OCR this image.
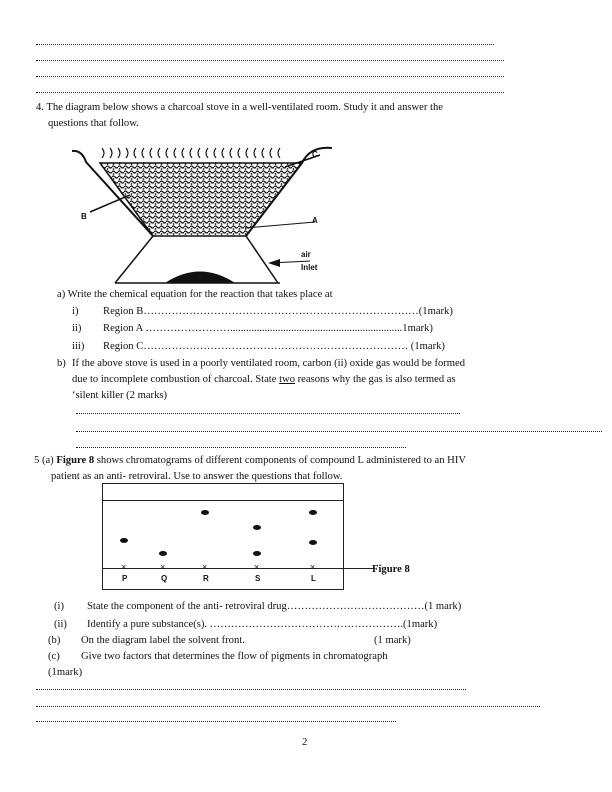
4. The diagram below shows a charcoal stove in a well-ventilated room. Study it and answer the
questions that follow.
C
B	A
air
Inlet
a) Write the chemical equation for the reaction that takes place at
i) Region B……………………………………………………………………(1mark)
ii) Region A …………………….................................................................1mark)
iii) Region C………………………………………………………………… (1mark)
b) If the above stove is used in a poorly ventilated room, carbon (ii) oxide gas would be formed
due to incomplete combustion of charcoal. State two reasons why the gas is also termed as
‘silent killer (2 marks)
5 (a) Figure 8 shows chromatograms of different components of compound L administered to an HIV
patient as an anti- retroviral. Use to answer the questions that follow.
×
P
×
Q
×
R
×
S
×
L
Figure 8
(i) State the component of the anti- retroviral drug…………………………………(1 mark)
(ii) Identify a pure substance(s). ……………………………………………….(1mark)
(b) On the diagram label the solvent front.	(1 mark)
(c) Give two factors that determines the flow of pigments in chromatograph
(1mark)
2
